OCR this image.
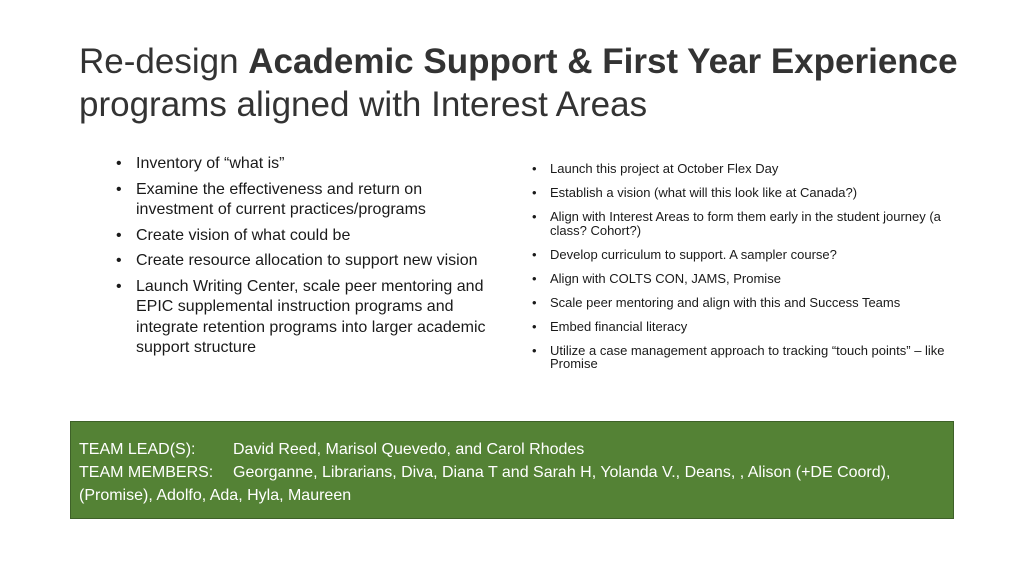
Re-design Academic Support & First Year Experience programs aligned with Interest Areas
• Inventory of “what is”
• Examine the effectiveness and return on investment of current practices/programs
• Create vision of what could be
• Create resource allocation to support new vision
• Launch Writing Center, scale peer mentoring and EPIC supplemental instruction programs and integrate retention programs into larger academic support structure
• Launch this project at October Flex Day
• Establish a vision (what will this look like at Canada?)
• Align with Interest Areas to form them early in the student journey (a class? Cohort?)
• Develop curriculum to support. A sampler course?
• Align with COLTS CON, JAMS, Promise
• Scale peer mentoring and align with this and Success Teams
• Embed financial literacy
• Utilize a case management approach to tracking “touch points” – like Promise
TEAM LEAD(S): David Reed, Marisol Quevedo, and Carol Rhodes
TEAM MEMBERS: Georganne, Librarians, Diva, Diana T and Sarah H, Yolanda V., Deans, , Alison (+DE Coord),
(Promise), Adolfo, Ada, Hyla, Maureen
